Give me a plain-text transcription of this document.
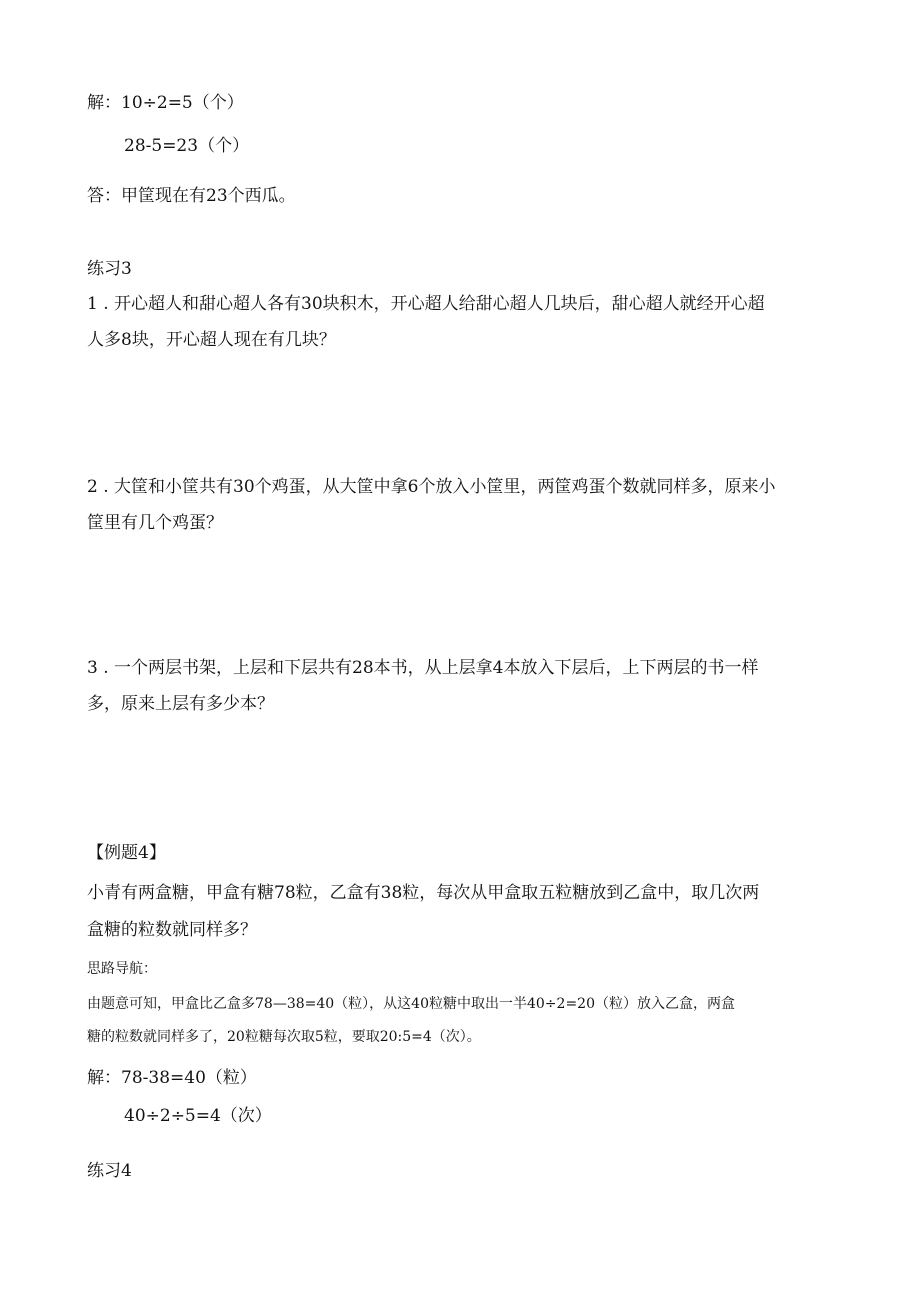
解：10÷2=5（个）
28-5=23（个）
答：甲筐现在有23个西瓜。
练习3
1 . 开心超人和甜心超人各有30块积木，开心超人给甜心超人几块后，甜心超人就经开心超
人多8块，开心超人现在有几块？
2 . 大筐和小筐共有30个鸡蛋，从大筐中拿6个放入小筐里，两筐鸡蛋个数就同样多，原来小
筐里有几个鸡蛋？
3 . 一个两层书架，上层和下层共有28本书，从上层拿4本放入下层后，上下两层的书一样
多，原来上层有多少本？
【例题4】
小青有两盒糖，甲盒有糖78粒，乙盒有38粒，每次从甲盒取五粒糖放到乙盒中，取几次两
盒糖的粒数就同样多？
思路导航：
由题意可知，甲盒比乙盒多78—38=40（粒），从这40粒糖中取出一半40÷2=20（粒）放入乙盒，两盒
糖的粒数就同样多了，20粒糖每次取5粒，要取20:5=4（次）。
解：78-38=40（粒）
40÷2÷5=4（次）
练习4
